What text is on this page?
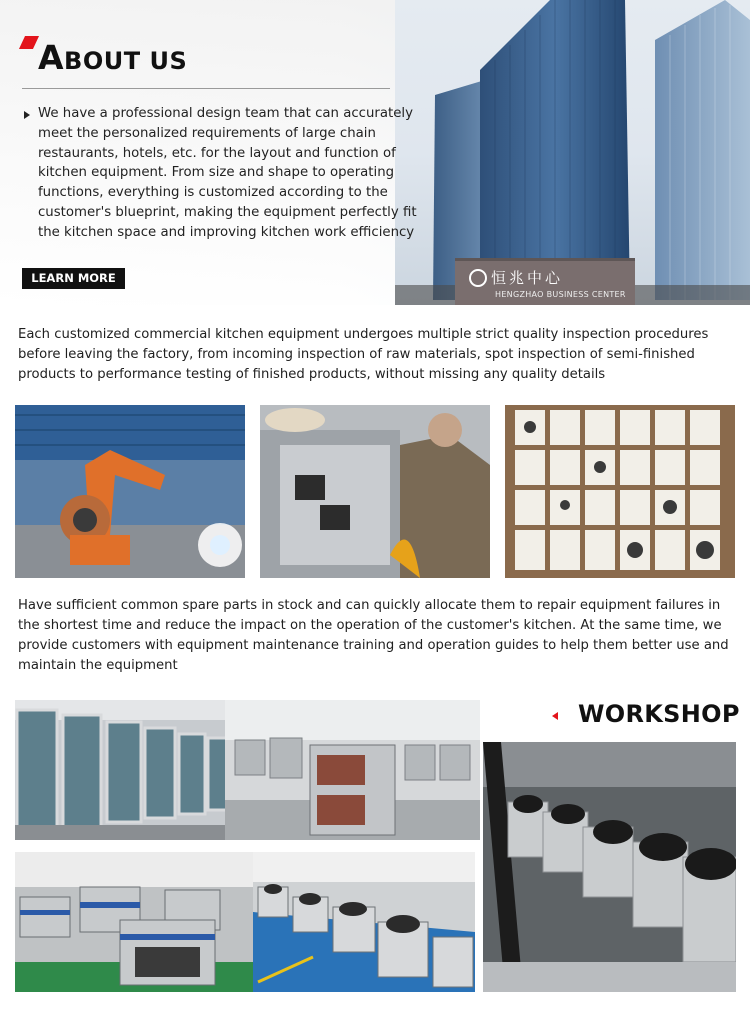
恒兆中心
HENGZHAO BUSINESS CENTER
ABOUT US
We have a professional design team that can accurately meet the personalized requirements of large chain restaurants, hotels, etc. for the layout and function of kitchen equipment. From size and shape to operating functions, everything is customized according to the customer's blueprint, making the equipment perfectly fit the kitchen space and improving kitchen work efficiency
LEARN MORE
Each customized commercial kitchen equipment undergoes multiple strict quality inspection procedures before leaving the factory, from incoming inspection of raw materials, spot inspection of semi-finished products to performance testing of finished products, without missing any quality details
Have sufficient common spare parts in stock and can quickly allocate them to repair equipment failures in the shortest time and reduce the impact on the operation of the customer's kitchen. At the same time, we provide customers with equipment maintenance training and operation guides to help them better use and maintain the equipment
WORKSHOP
